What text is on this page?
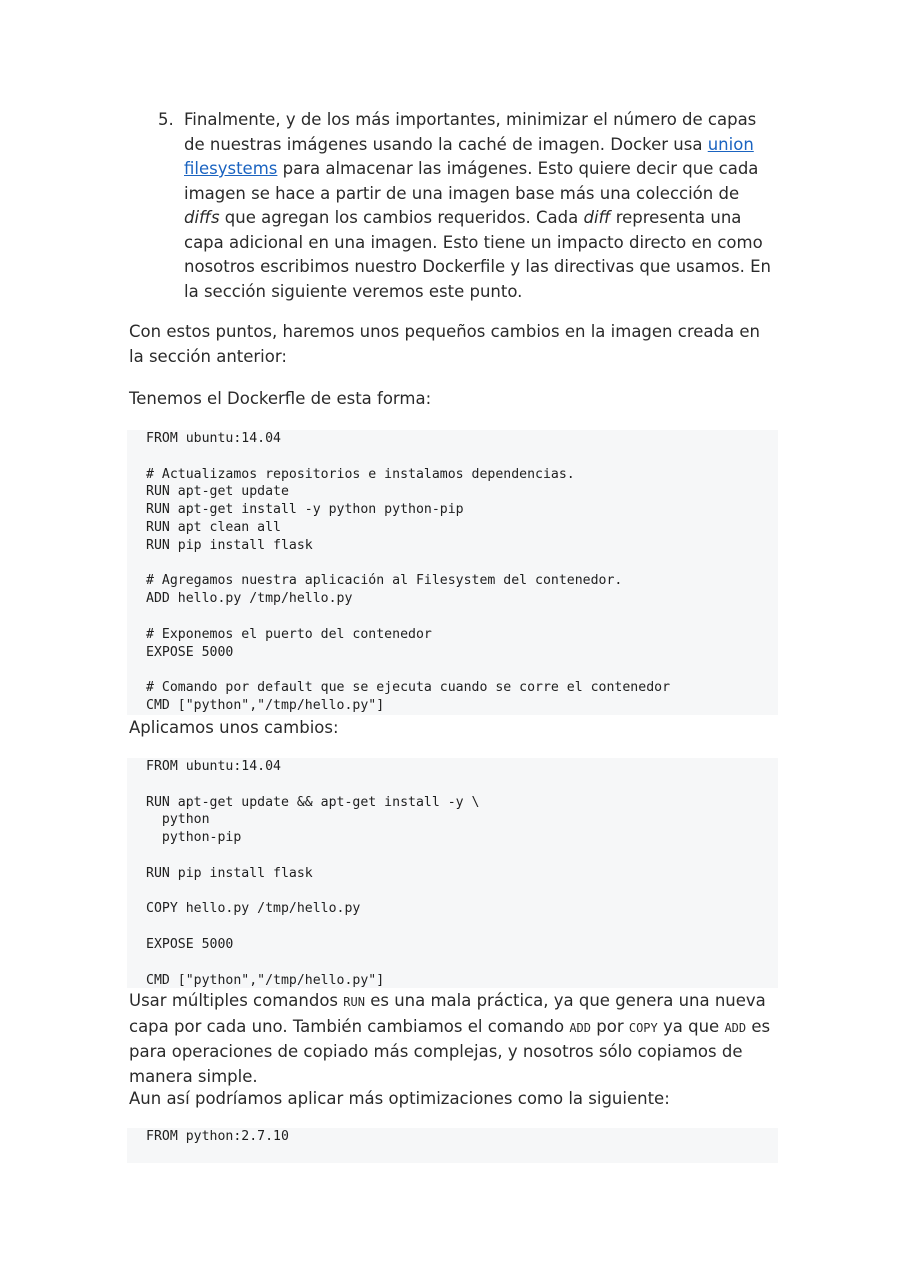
5. Finalmente, y de los más importantes, minimizar el número de capas de nuestras imágenes usando la caché de imagen. Docker usa union filesystems para almacenar las imágenes. Esto quiere decir que cada imagen se hace a partir de una imagen base más una colección de diffs que agregan los cambios requeridos. Cada diff representa una capa adicional en una imagen. Esto tiene un impacto directo en como nosotros escribimos nuestro Dockerfile y las directivas que usamos. En la sección siguiente veremos este punto.

Con estos puntos, haremos unos pequeños cambios en la imagen creada en la sección anterior:

Tenemos el Dockerfle de esta forma:

FROM ubuntu:14.04
# Actualizamos repositorios e instalamos dependencias.
RUN apt-get update
RUN apt-get install -y python python-pip
RUN apt clean all
RUN pip install flask
# Agregamos nuestra aplicación al Filesystem del contenedor.
ADD hello.py /tmp/hello.py
# Exponemos el puerto del contenedor
EXPOSE 5000
# Comando por default que se ejecuta cuando se corre el contenedor
CMD ["python","/tmp/hello.py"]

Aplicamos unos cambios:

FROM ubuntu:14.04
RUN apt-get update && apt-get install -y \
python
python-pip
RUN pip install flask
COPY hello.py /tmp/hello.py
EXPOSE 5000
CMD ["python","/tmp/hello.py"]

Usar múltiples comandos RUN es una mala práctica, ya que genera una nueva capa por cada uno. También cambiamos el comando ADD por COPY ya que ADD es para operaciones de copiado más complejas, y nosotros sólo copiamos de manera simple.

Aun así podríamos aplicar más optimizaciones como la siguiente:

FROM python:2.7.10
